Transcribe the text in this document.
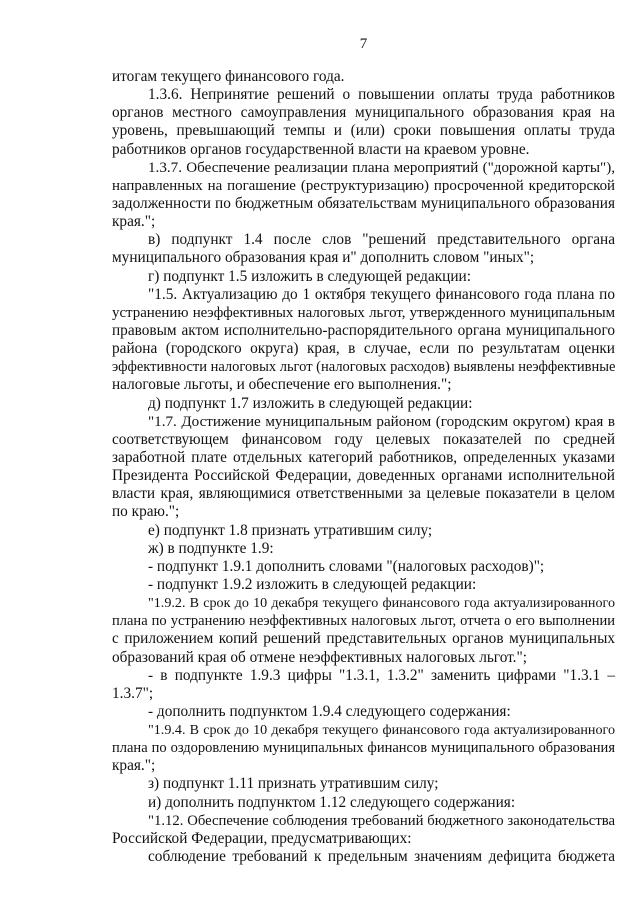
7
итогам текущего финансового года.
1.3.6. Непринятие решений о повышении оплаты труда работников
органов местного самоуправления муниципального образования края на
уровень, превышающий темпы и (или) сроки повышения оплаты труда
работников органов государственной власти на краевом уровне.
1.3.7. Обеспечение реализации плана мероприятий ("дорожной карты"),
направленных на погашение (реструктуризацию) просроченной кредиторской
задолженности по бюджетным обязательствам муниципального образования
края.";
в) подпункт 1.4 после слов "решений представительного органа
муниципального образования края и" дополнить словом "иных";
г) подпункт 1.5 изложить в следующей редакции:
"1.5. Актуализацию до 1 октября текущего финансового года плана по
устранению неэффективных налоговых льгот, утвержденного муниципальным
правовым актом исполнительно-распорядительного органа муниципального
района (городского округа) края, в случае, если по результатам оценки
эффективности налоговых льгот (налоговых расходов) выявлены неэффективные
налоговые льготы, и обеспечение его выполнения.";
д) подпункт 1.7 изложить в следующей редакции:
"1.7. Достижение муниципальным районом (городским округом) края в
соответствующем финансовом году целевых показателей по средней
заработной плате отдельных категорий работников, определенных указами
Президента Российской Федерации, доведенных органами исполнительной
власти края, являющимися ответственными за целевые показатели в целом
по краю.";
е) подпункт 1.8 признать утратившим силу;
ж) в подпункте 1.9:
- подпункт 1.9.1 дополнить словами "(налоговых расходов)";
- подпункт 1.9.2 изложить в следующей редакции:
"1.9.2. В срок до 10 декабря текущего финансового года актуализированного
плана по устранению неэффективных налоговых льгот, отчета о его выполнении
с приложением копий решений представительных органов муниципальных
образований края об отмене неэффективных налоговых льгот.";
- в подпункте 1.9.3 цифры "1.3.1, 1.3.2" заменить цифрами "1.3.1 –
1.3.7";
- дополнить подпунктом 1.9.4 следующего содержания:
"1.9.4. В срок до 10 декабря текущего финансового года актуализированного
плана по оздоровлению муниципальных финансов муниципального образования
края.";
з) подпункт 1.11 признать утратившим силу;
и) дополнить подпунктом 1.12 следующего содержания:
"1.12. Обеспечение соблюдения требований бюджетного законодательства
Российской Федерации, предусматривающих:
соблюдение требований к предельным значениям дефицита бюджета
